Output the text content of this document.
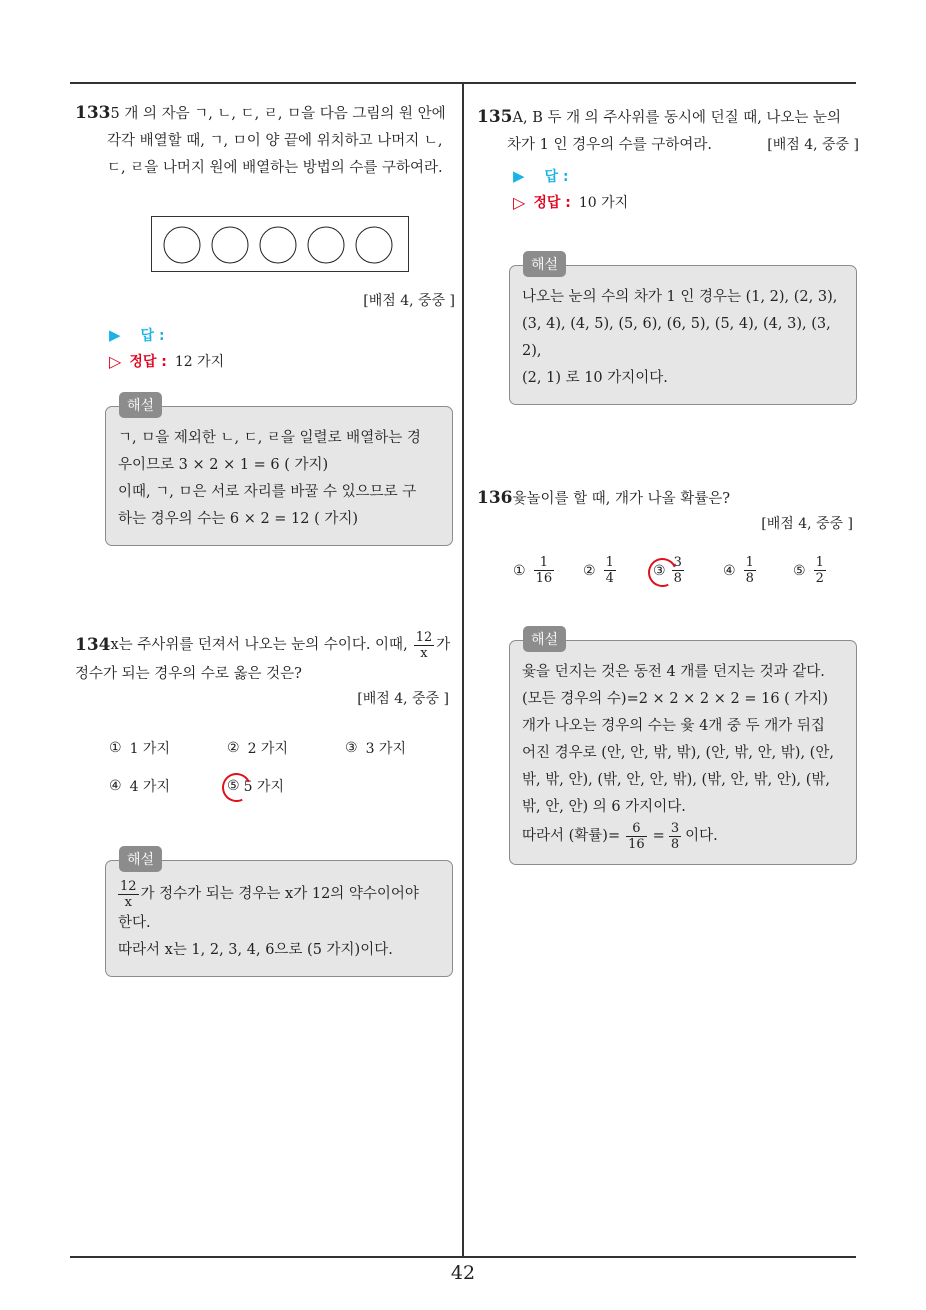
1335 개 의 자음 ㄱ, ㄴ, ㄷ, ㄹ, ㅁ을 다음 그림의 원 안에
각각 배열할 때, ㄱ, ㅁ이 양 끝에 위치하고 나머지 ㄴ,
ㄷ, ㄹ을 나머지 원에 배열하는 방법의 수를 구하여라.
[배점 4, 중중 ]
▶ 답 :
▷ 정답 : 12 가지
해설
ㄱ, ㅁ을 제외한 ㄴ, ㄷ, ㄹ을 일렬로 배열하는 경
우이므로 3 × 2 × 1 = 6 ( 가지)
이때, ㄱ, ㅁ은 서로 자리를 바꿀 수 있으므로 구
하는 경우의 수는 6 × 2 = 12 ( 가지)
134 x는 주사위를 던져서 나오는 눈의 수이다. 이때, $\frac{12}{x}$ 가
정수가 되는 경우의 수로 옳은 것은?
[배점 4, 중중 ]
① 1 가지	② 2 가지	③ 3 가지
④ 4 가지	⑤ 5 가지
해설
$\frac{12}{x}$ 가 정수가 되는 경우는 x가 12의 약수이어야
한다.
따라서 x는 1, 2, 3, 4, 6으로 (5 가지)이다.
135A, B 두 개 의 주사위를 동시에 던질 때, 나오는 눈의
차가 1 인 경우의 수를 구하여라.	[배점 4, 중중 ]
▶ 답 :
▷ 정답 : 10 가지
해설
나오는 눈의 수의 차가 1 인 경우는 (1, 2), (2, 3),
(3, 4), (4, 5), (5, 6), (6, 5), (5, 4), (4, 3), (3, 2),
(2, 1) 로 10 가지이다.
136윷놀이를 할 때, 개가 나올 확률은?
[배점 4, 중중 ]
① $\frac{1}{16}$ ② $\frac{1}{4}$	③ $\frac{3}{8}$	④ $\frac{1}{8}$	⑤ $\frac{1}{2}$
해설
윷을 던지는 것은 동전 4 개를 던지는 것과 같다.
(모든 경우의 수)=2 × 2 × 2 × 2 = 16 ( 가지)
개가 나오는 경우의 수는 윷 4개 중 두 개가 뒤집
어진 경우로 (안, 안, 밖, 밖), (안, 밖, 안, 밖), (안,
밖, 밖, 안), (밖, 안, 안, 밖), (밖, 안, 밖, 안), (밖,
밖, 안, 안) 의 6 가지이다.
따라서 (확률)= $\frac{6}{16} = \frac{3}{8}$ 이다.
42
